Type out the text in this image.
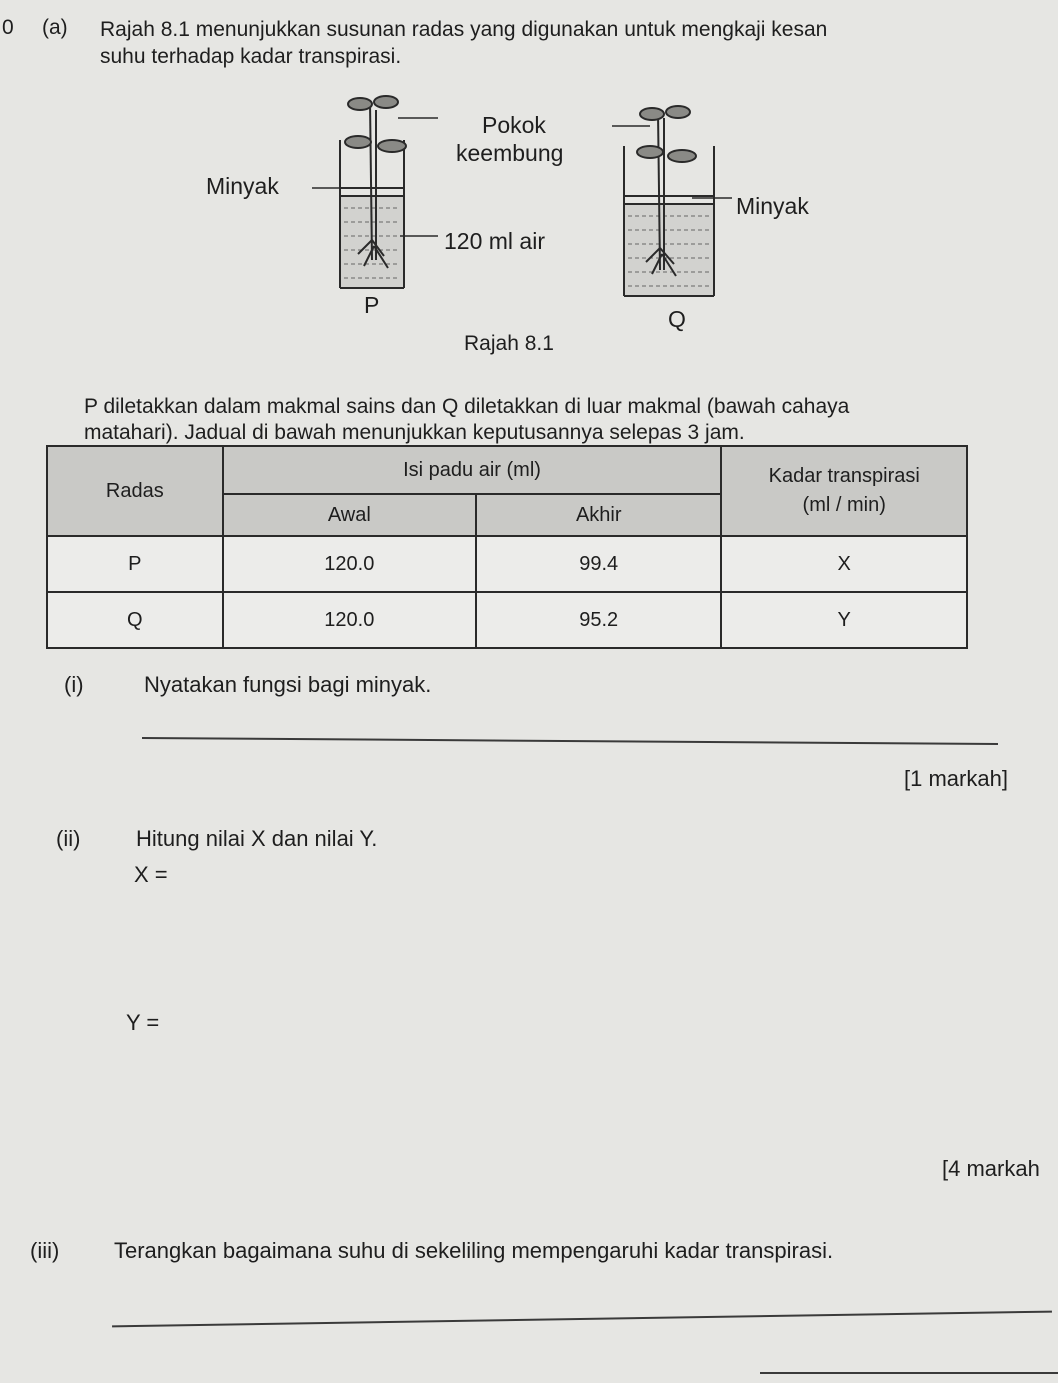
0 (a) Rajah 8.1 menunjukkan susunan radas yang digunakan untuk mengkaji kesan
suhu terhadap kadar transpirasi.
Pokok
keembung
Minyak
Minyak
120 ml air
P
Q
Rajah 8.1
P diletakkan dalam makmal sains dan Q diletakkan di luar makmal (bawah cahaya
matahari). Jadual di bawah menunjukkan keputusannya selepas 3 jam.
Radas	Isi padu air (ml)		Kadar transpirasi
(ml / min)

	Awal	Akhir	
P	120.0	99.4	X
Q	120.0	95.2	Y
(i)	Nyatakan fungsi bagi minyak.
[1 markah]
(ii)	Hitung nilai X dan nilai Y.
X =
Y =
[4 markah
(iii) Terangkan bagaimana suhu di sekeliling mempengaruhi kadar transpirasi.
